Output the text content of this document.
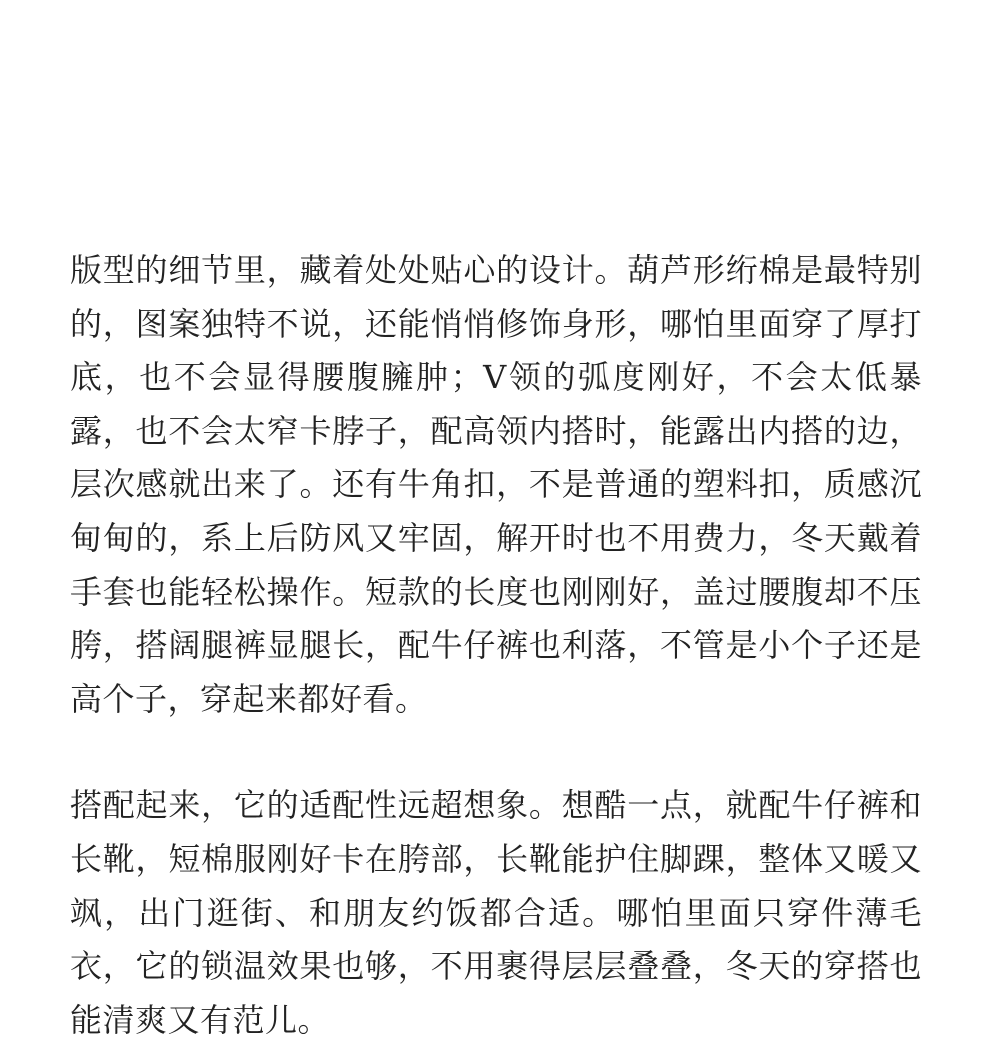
版型的细节里，藏着处处贴心的设计。葫芦形绗棉是最特别的，图案独特不说，还能悄悄修饰身形，哪怕里面穿了厚打底，也不会显得腰腹臃肿；V领的弧度刚好，不会太低暴露，也不会太窄卡脖子，配高领内搭时，能露出内搭的边，层次感就出来了。还有牛角扣，不是普通的塑料扣，质感沉甸甸的，系上后防风又牢固，解开时也不用费力，冬天戴着手套也能轻松操作。短款的长度也刚刚好，盖过腰腹却不压胯，搭阔腿裤显腿长，配牛仔裤也利落，不管是小个子还是高个子，穿起来都好看。

搭配起来，它的适配性远超想象。想酷一点，就配牛仔裤和长靴，短棉服刚好卡在胯部，长靴能护住脚踝，整体又暖又飒，出门逛街、和朋友约饭都合适。哪怕里面只穿件薄毛衣，它的锁温效果也够，不用裹得层层叠叠，冬天的穿搭也能清爽又有范儿。
